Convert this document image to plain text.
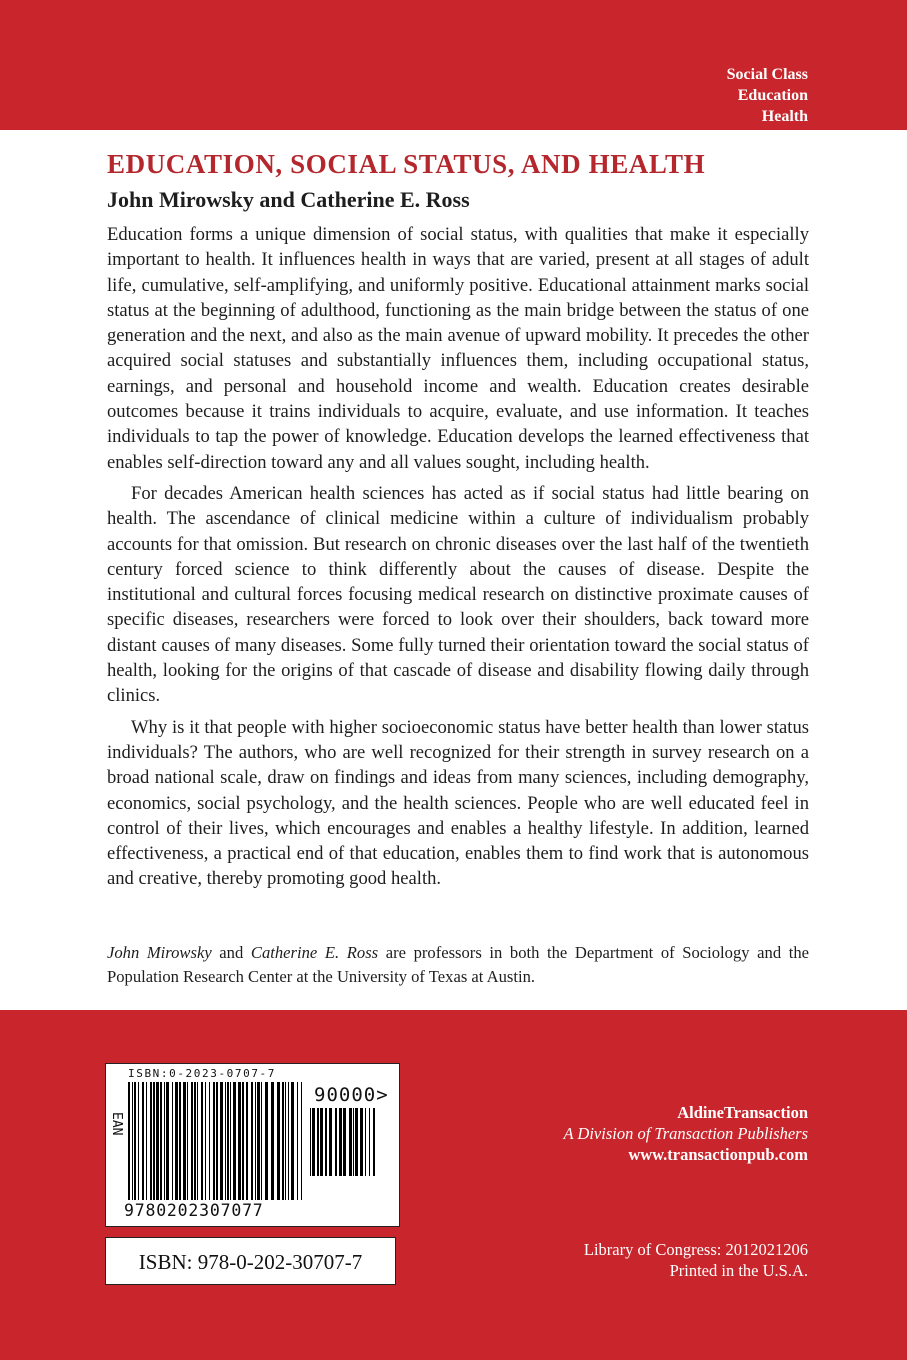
Social Class
Education
Health
EDUCATION, SOCIAL STATUS, AND HEALTH
John Mirowsky and Catherine E. Ross

Education forms a unique dimension of social status, with qualities that make it especially important to health. It influences health in ways that are varied, present at all stages of adult life, cumulative, self-amplifying, and uniformly positive. Educational attainment marks social status at the beginning of adulthood, functioning as the main bridge between the status of one generation and the next, and also as the main avenue of upward mobility. It precedes the other acquired social statuses and substantially influences them, including occupational status, earnings, and personal and household income and wealth. Education creates desirable outcomes because it trains individuals to acquire, evaluate, and use information. It teaches individuals to tap the power of knowledge. Education develops the learned effectiveness that enables self-direction toward any and all values sought, including health.

For decades American health sciences has acted as if social status had little bearing on health. The ascendance of clinical medicine within a culture of individualism probably accounts for that omission. But research on chronic diseases over the last half of the twentieth century forced science to think differently about the causes of disease. Despite the institutional and cultural forces focusing medical research on distinctive proximate causes of specific diseases, researchers were forced to look over their shoulders, back toward more distant causes of many diseases. Some fully turned their orientation toward the social status of health, looking for the origins of that cascade of disease and disability flowing daily through clinics.

Why is it that people with higher socioeconomic status have better health than lower status individuals? The authors, who are well recognized for their strength in survey research on a broad national scale, draw on findings and ideas from many sciences, including demography, economics, social psychology, and the health sciences. People who are well educated feel in control of their lives, which encourages and enables a healthy lifestyle. In addition, learned effectiveness, a practical end of that education, enables them to find work that is autonomous and creative, thereby promoting good health.

John Mirowsky and Catherine E. Ross are professors in both the Department of Sociology and the Population Research Center at the University of Texas at Austin.
ISBN:0-2023-0707-7
EAN
90000>
9780202307077
ISBN: 978-0-202-30707-7
AldineTransaction
A Division of Transaction Publishers
www.transactionpub.com
Library of Congress: 2012021206
Printed in the U.S.A.
